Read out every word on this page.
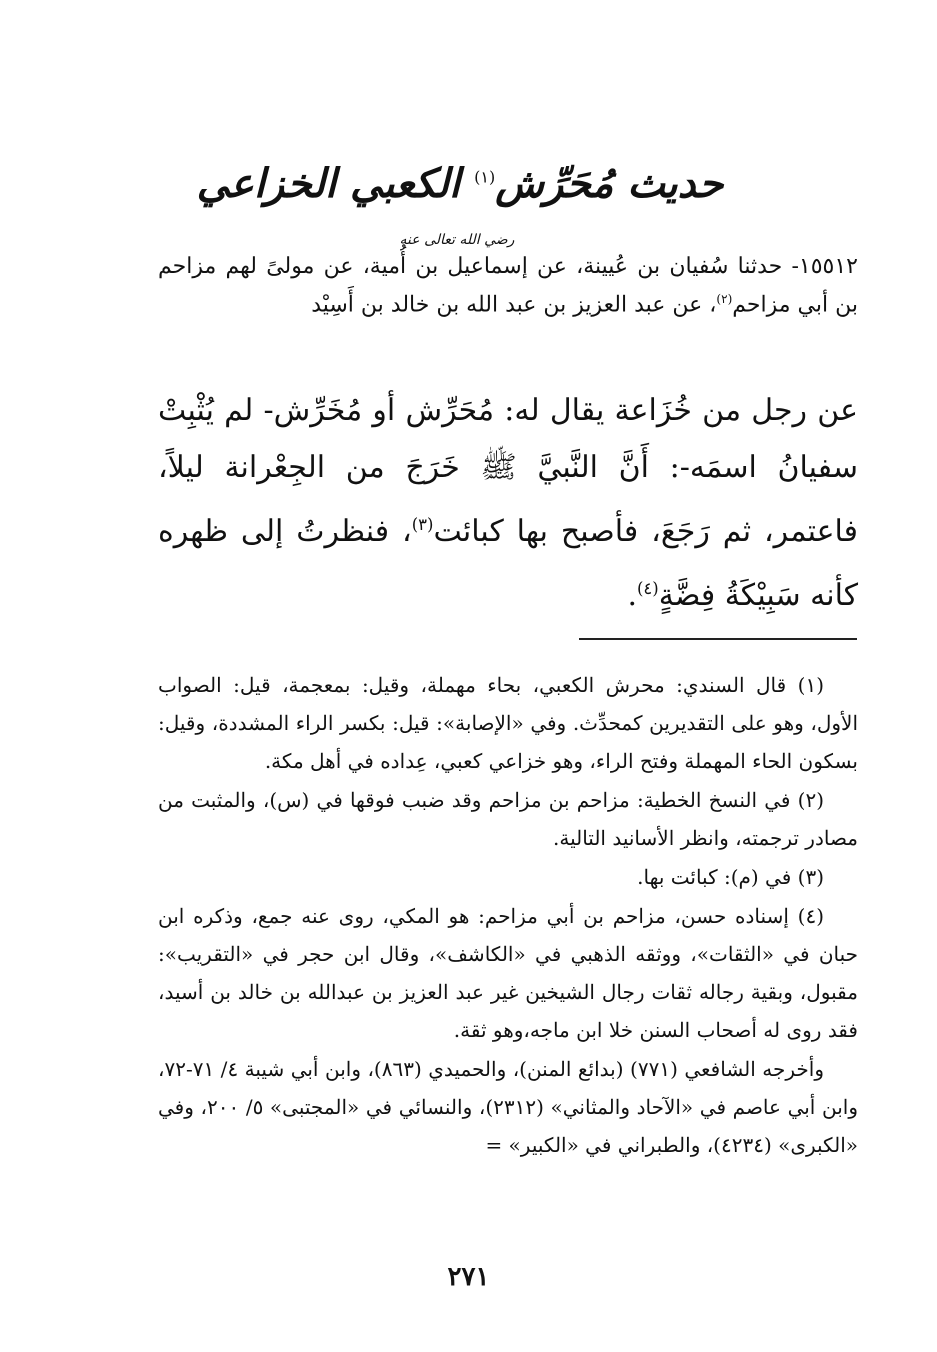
حديث مُحَرِّش$^{(١)}$ الكعبي الخزاعي رضي الله تعالى عنه
١٥٥١٢- حدثنا سُفيان بن عُيينة، عن إسماعيل بن أُمية، عن مولىً لهم مزاحم بن أبي مزاحم$^{(٢)}$، عن عبد العزيز بن عبد الله بن خالد بن أَسِيْد
عن رجل من خُزَاعة يقال له: مُحَرِّش أو مُخَرِّش- لم يُثْبِتْ سفيانُ اسمَه-: أَنَّ النَّبيَّ ﷺ خَرَجَ من الجِعْرانة ليلاً، فاعتمر، ثم رَجَعَ، فأصبح بها كبائت$^{(٣)}$، فنظرتُ إلى ظهره كأنه سَبِيْكَةُ فِضَّةٍ$^{(٤)}$.

(١) قال السندي: محرش الكعبي، بحاء مهملة، وقيل: بمعجمة، قيل: الصواب الأول، وهو على التقديرين كمحدِّث. وفي «الإصابة»: قيل: بكسر الراء المشددة، وقيل: بسكون الحاء المهملة وفتح الراء، وهو خزاعي كعبي، عِداده في أهل مكة.

(٢) في النسخ الخطية: مزاحم بن مزاحم وقد ضبب فوقها في (س)، والمثبت من مصادر ترجمته، وانظر الأسانيد التالية.

(٣) في (م): كبائت بها.

(٤) إسناده حسن، مزاحم بن أبي مزاحم: هو المكي، روى عنه جمع، وذكره ابن حبان في «الثقات»، ووثقه الذهبي في «الكاشف»، وقال ابن حجر في «التقريب»: مقبول، وبقية رجاله ثقات رجال الشيخين غير عبد العزيز بن عبدالله بن خالد بن أسيد، فقد روى له أصحاب السنن خلا ابن ماجه،وهو ثقة.

وأخرجه الشافعي (٧٧١) (بدائع المنن)، والحميدي (٨٦٣)، وابن أبي شيبة ٤/ ٧١-٧٢، وابن أبي عاصم في «الآحاد والمثاني» (٢٣١٢)، والنسائي في «المجتبى» ٥/ ٢٠٠، وفي «الكبرى» (٤٢٣٤)، والطبراني في «الكبير» =

٢٧١
